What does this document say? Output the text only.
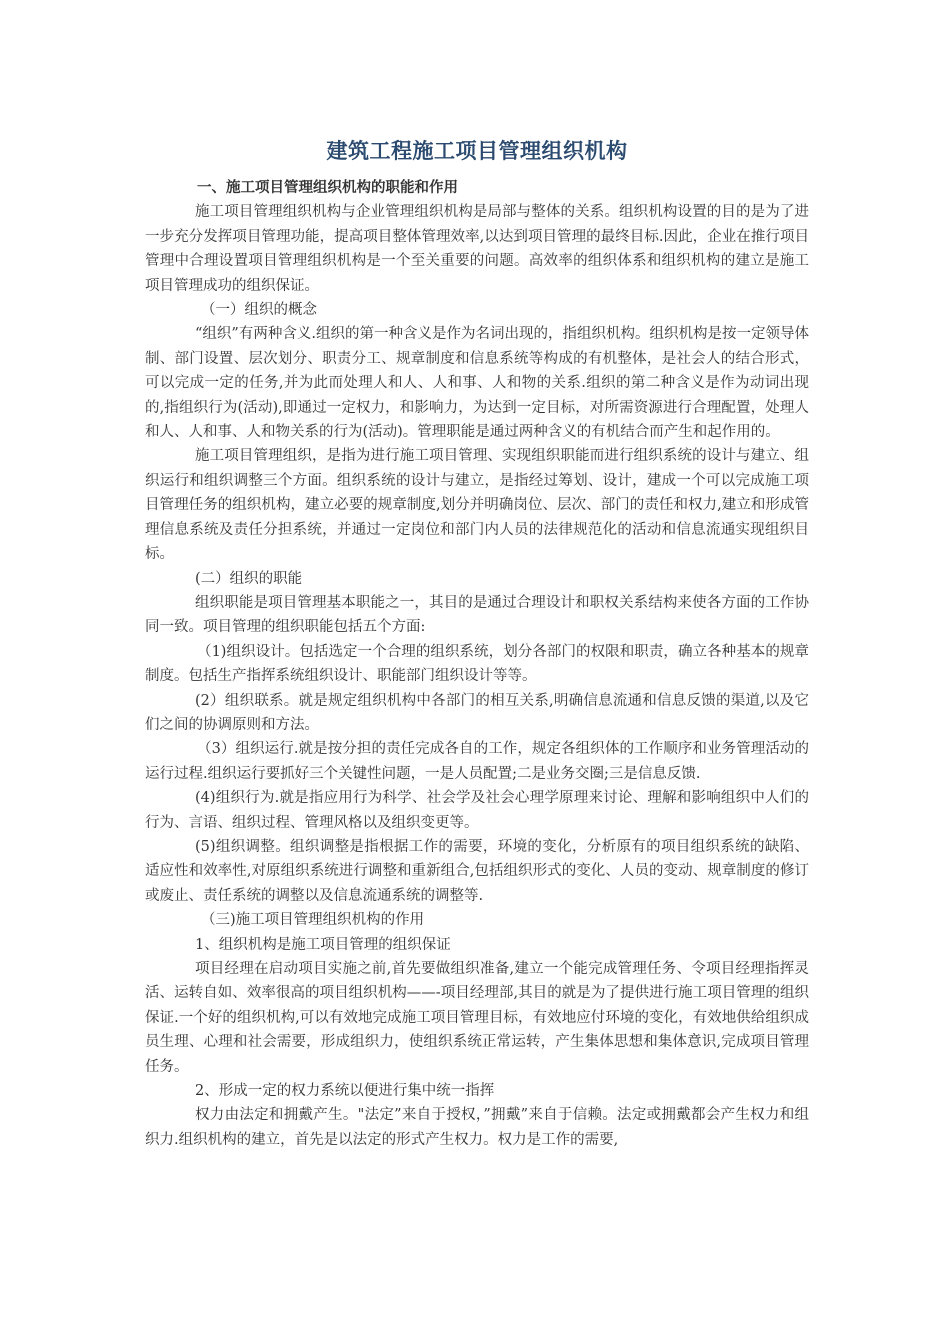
建筑工程施工项目管理组织机构
一、施工项目管理组织机构的职能和作用

施工项目管理组织机构与企业管理组织机构是局部与整体的关系。组织机构设置的目的是为了进一步充分发挥项目管理功能，提高项目整体管理效率,以达到项目管理的最终目标.因此，企业在推行项目管理中合理设置项目管理组织机构是一个至关重要的问题。高效率的组织体系和组织机构的建立是施工项目管理成功的组织保证。

（一）组织的概念

“组织”有两种含义.组织的第一种含义是作为名词出现的，指组织机构。组织机构是按一定领导体制、部门设置、层次划分、职责分工、规章制度和信息系统等构成的有机整体，是社会人的结合形式，可以完成一定的任务,并为此而处理人和人、人和事、人和物的关系.组织的第二种含义是作为动词出现的,指组织行为(活动),即通过一定权力，和影响力，为达到一定目标，对所需资源进行合理配置，处理人和人、人和事、人和物关系的行为(活动)。管理职能是通过两种含义的有机结合而产生和起作用的。

施工项目管理组织，是指为进行施工项目管理、实现组织职能而进行组织系统的设计与建立、组织运行和组织调整三个方面。组织系统的设计与建立，是指经过筹划、设计，建成一个可以完成施工项目管理任务的组织机构，建立必要的规章制度,划分并明确岗位、层次、部门的责任和权力,建立和形成管理信息系统及责任分担系统，并通过一定岗位和部门内人员的法律规范化的活动和信息流通实现组织目标。

(二）组织的职能

组织职能是项目管理基本职能之一，其目的是通过合理设计和职权关系结构来使各方面的工作协同一致。项目管理的组织职能包括五个方面:

（1)组织设计。包括选定一个合理的组织系统，划分各部门的权限和职责，确立各种基本的规章制度。包括生产指挥系统组织设计、职能部门组织设计等等。

(2）组织联系。就是规定组织机构中各部门的相互关系,明确信息流通和信息反馈的渠道,以及它们之间的协调原则和方法。

（3）组织运行.就是按分担的责任完成各自的工作，规定各组织体的工作顺序和业务管理活动的运行过程.组织运行要抓好三个关键性问题，一是人员配置;二是业务交圈;三是信息反馈.

(4)组织行为.就是指应用行为科学、社会学及社会心理学原理来讨论、理解和影响组织中人们的行为、言语、组织过程、管理风格以及组织变更等。

(5)组织调整。组织调整是指根据工作的需要，环境的变化，分析原有的项目组织系统的缺陷、适应性和效率性,对原组织系统进行调整和重新组合,包括组织形式的变化、人员的变动、规章制度的修订或废止、责任系统的调整以及信息流通系统的调整等.

（三)施工项目管理组织机构的作用

1、组织机构是施工项目管理的组织保证

项目经理在启动项目实施之前,首先要做组织准备,建立一个能完成管理任务、令项目经理指挥灵活、运转自如、效率很高的项目组织机构——-项目经理部,其目的就是为了提供进行施工项目管理的组织保证.一个好的组织机构,可以有效地完成施工项目管理目标，有效地应付环境的变化，有效地供给组织成员生理、心理和社会需要，形成组织力，使组织系统正常运转，产生集体思想和集体意识,完成项目管理任务。

2、形成一定的权力系统以便进行集中统一指挥

权力由法定和拥戴产生。"法定”来自于授权，”拥戴”来自于信赖。法定或拥戴都会产生权力和组织力.组织机构的建立，首先是以法定的形式产生权力。权力是工作的需要,
